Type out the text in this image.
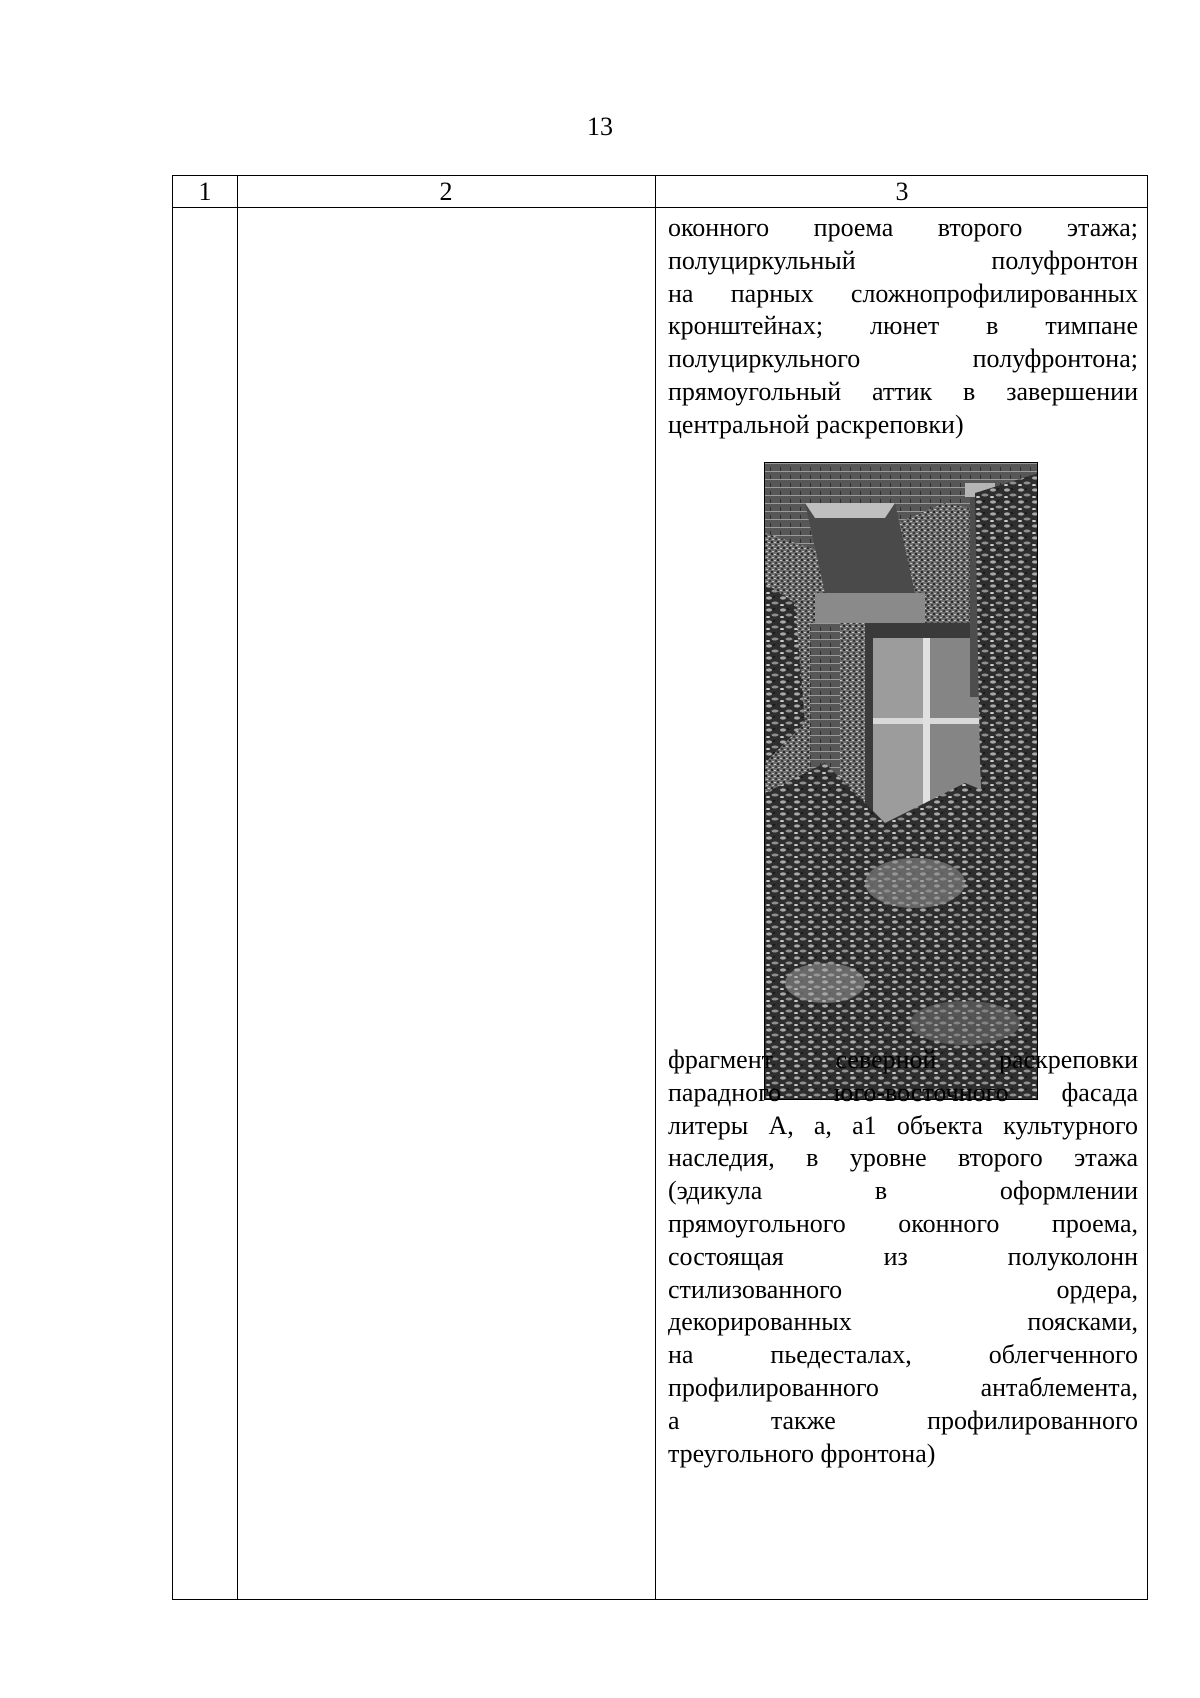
13
1	2	3
оконного проема второго этажа;
полуциркульный полуфронтон
на парных сложнопрофилированных
кронштейнах; люнет в тимпане
полуциркульного полуфронтона;
прямоугольный аттик в завершении
центральной раскреповки)
фрагмент северной раскреповки
парадного юго-восточного фасада
литеры А, а, а1 объекта культурного
наследия, в уровне второго этажа
(эдикула в оформлении
прямоугольного оконного проема,
состоящая из полуколонн
стилизованного ордера,
декорированных поясками,
на пьедесталах, облегченного
профилированного антаблемента,
а также профилированного
треугольного фронтона)
